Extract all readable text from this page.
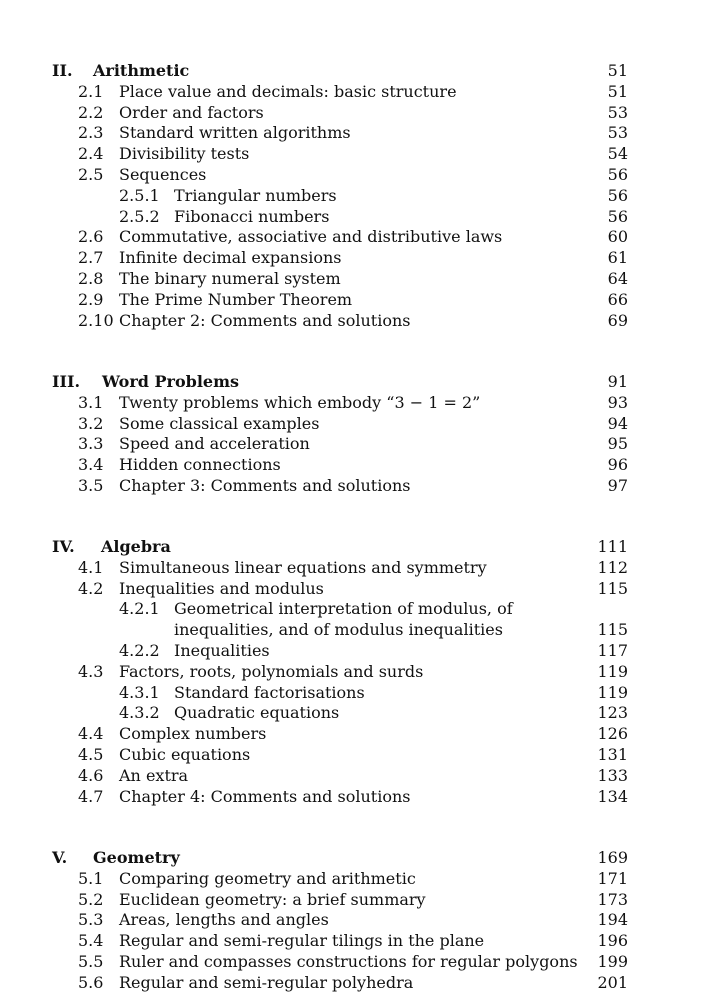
II. Arithmetic	51
2.1 Place value and decimals: basic structure	51
2.2 Order and factors	53
2.3 Standard written algorithms	53
2.4 Divisibility tests	54
2.5 Sequences	56
2.5.1 Triangular numbers	56
2.5.2 Fibonacci numbers	56
2.6 Commutative, associative and distributive laws	60
2.7 Infinite decimal expansions	61
2.8 The binary numeral system	64
2.9 The Prime Number Theorem	66
2.10 Chapter 2: Comments and solutions	69
III. Word Problems	91
3.1 Twenty problems which embody “3 − 1 = 2”	93
3.2 Some classical examples	94
3.3 Speed and acceleration	95
3.4 Hidden connections	96
3.5 Chapter 3: Comments and solutions	97
IV. Algebra	111
4.1 Simultaneous linear equations and symmetry	112
4.2 Inequalities and modulus	115
4.2.1 Geometrical interpretation of modulus, of inequalities, and of modulus inequalities	115
4.2.2 Inequalities	117
4.3 Factors, roots, polynomials and surds	119
4.3.1 Standard factorisations	119
4.3.2 Quadratic equations	123
4.4 Complex numbers	126
4.5 Cubic equations	131
4.6 An extra	133
4.7 Chapter 4: Comments and solutions	134
V. Geometry	169
5.1 Comparing geometry and arithmetic	171
5.2 Euclidean geometry: a brief summary	173
5.3 Areas, lengths and angles	194
5.4 Regular and semi-regular tilings in the plane	196
5.5 Ruler and compasses constructions for regular polygons 199
5.6 Regular and semi-regular polyhedra	201
